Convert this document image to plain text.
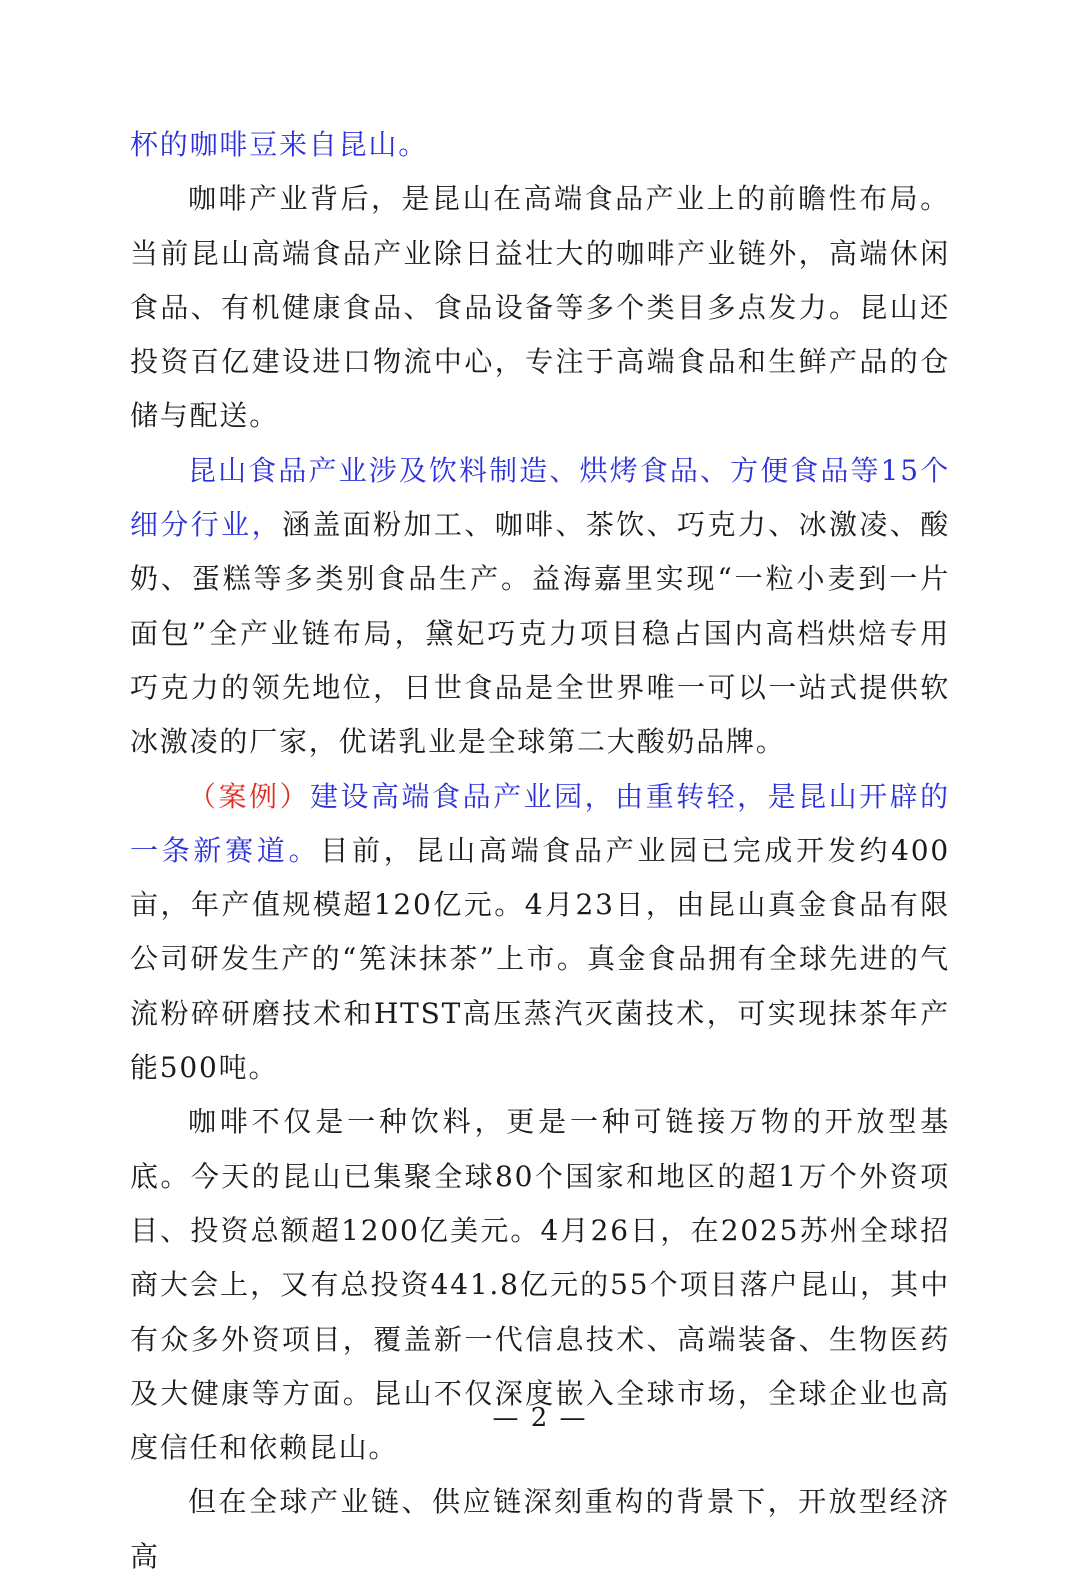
杯的咖啡豆来自昆山。

咖啡产业背后，是昆山在高端食品产业上的前瞻性布局。当前昆山高端食品产业除日益壮大的咖啡产业链外，高端休闲食品、有机健康食品、食品设备等多个类目多点发力。昆山还投资百亿建设进口物流中心，专注于高端食品和生鲜产品的仓储与配送。

昆山食品产业涉及饮料制造、烘烤食品、方便食品等15个细分行业，涵盖面粉加工、咖啡、茶饮、巧克力、冰激凌、酸奶、蛋糕等多类别食品生产。益海嘉里实现“一粒小麦到一片面包”全产业链布局，黛妃巧克力项目稳占国内高档烘焙专用巧克力的领先地位，日世食品是全世界唯一可以一站式提供软冰激凌的厂家，优诺乳业是全球第二大酸奶品牌。

（案例）建设高端食品产业园，由重转轻，是昆山开辟的一条新赛道。目前，昆山高端食品产业园已完成开发约400亩，年产值规模超120亿元。4月23日，由昆山真金食品有限公司研发生产的“筅沫抹茶”上市。真金食品拥有全球先进的气流粉碎研磨技术和HTST高压蒸汽灭菌技术，可实现抹茶年产能500吨。

咖啡不仅是一种饮料，更是一种可链接万物的开放型基底。今天的昆山已集聚全球80个国家和地区的超1万个外资项目、投资总额超1200亿美元。4月26日，在2025苏州全球招商大会上，又有总投资441.8亿元的55个项目落户昆山，其中有众多外资项目，覆盖新一代信息技术、高端装备、生物医药及大健康等方面。昆山不仅深度嵌入全球市场，全球企业也高度信任和依赖昆山。

但在全球产业链、供应链深刻重构的背景下，开放型经济高

— 2 —
